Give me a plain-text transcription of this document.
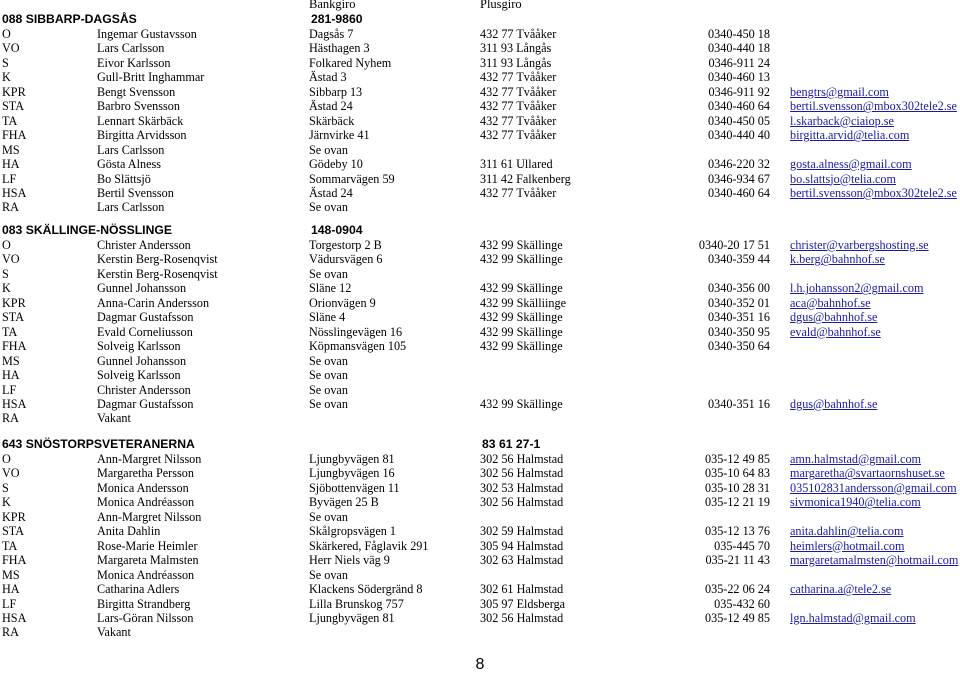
Bankgiro	Plusgiro
088 SIBBARP-DAGSÅS	281-9860
O	Ingemar Gustavsson	Dagsås 7	432 77 Tvååker	0340-450 18
VO	Lars Carlsson	Hästhagen 3	311 93 Långås	0340-440 18
S	Eivor Karlsson	Folkared Nyhem	311 93 Långås	0346-911 24
K	Gull-Britt Inghammar	Ästad 3	432 77 Tvååker	0340-460 13
KPR	Bengt Svensson	Sibbarp 13	432 77 Tvååker	0346-911 92 bengtrs@gmail.com
STA	Barbro Svensson	Ästad 24	432 77 Tvååker	0340-460 64 bertil.svensson@mbox302tele2.se
TA	Lennart Skärbäck	Skärbäck	432 77 Tvååker	0340-450 05 l.skarback@ciaiop.se
FHA	Birgitta Arvidsson	Järnvirke 41	432 77 Tvååker	0340-440 40 birgitta.arvid@telia.com
MS	Lars Carlsson	Se ovan
HA	Gösta Alness	Gödeby 10	311 61 Ullared	0346-220 32 gosta.alness@gmail.com
LF	Bo Slättsjö	Sommarvägen 59	311 42 Falkenberg	0346-934 67 bo.slattsjo@telia.com
HSA	Bertil Svensson	Ästad 24	432 77 Tvååker	0340-460 64 bertil.svensson@mbox302tele2.se
RA	Lars Carlsson	Se ovan
083 SKÄLLINGE-NÖSSLINGE	148-0904
O	Christer Andersson	Torgestorp 2 B	432 99 Skällinge	0340-20 17 51 christer@varbergshosting.se
VO	Kerstin Berg-Rosenqvist	Vädursvägen 6	432 99 Skällinge	0340-359 44 k.berg@bahnhof.se
S	Kerstin Berg-Rosenqvist	Se ovan
K	Gunnel Johansson	Släne 12	432 99 Skällinge	0340-356 00 l.h.johansson2@gmail.com
KPR	Anna-Carin Andersson	Orionvägen 9	432 99 Skälliinge	0340-352 01 aca@bahnhof.se
STA	Dagmar Gustafsson	Släne 4	432 99 Skällinge	0340-351 16 dgus@bahnhof.se
TA	Evald Corneliusson	Nösslingevägen 16	432 99 Skällinge	0340-350 95 evald@bahnhof.se
FHA	Solveig Karlsson	Köpmansvägen 105	432 99 Skällinge	0340-350 64
MS	Gunnel Johansson	Se ovan
HA	Solveig Karlsson	Se ovan
LF	Christer Andersson	Se ovan
HSA	Dagmar Gustafsson	Se ovan	432 99 Skällinge	0340-351 16 dgus@bahnhof.se
RA	Vakant
643 SNÖSTORPSVETERANERNA	83 61 27-1
O	Ann-Margret Nilsson	Ljungbyvägen 81	302 56 Halmstad	035-12 49 85 amn.halmstad@gmail.com
VO	Margaretha Persson	Ljungbyvägen 16	302 56 Halmstad	035-10 64 83 margaretha@svartaornshuset.se
S	Monica Andersson	Sjöbottenvägen 11	302 53 Halmstad	035-10 28 31 035102831andersson@gmail.com
K	Monica Andréasson	Byvägen 25 B	302 56 Halmstad	035-12 21 19 sivmonica1940@telia.com
KPR	Ann-Margret Nilsson	Se ovan
STA	Anita Dahlin	Skålgropsvägen 1	302 59 Halmstad	035-12 13 76 anita.dahlin@telia.com
TA	Rose-Marie Heimler	Skärkered, Fåglavik 291	305 94 Halmstad	035-445 70 heimlers@hotmail.com
FHA	Margareta Malmsten	Herr Niels väg 9	302 63 Halmstad	035-21 11 43 margaretamalmsten@hotmail.com
MS	Monica Andréasson	Se ovan
HA	Catharina Adlers	Klackens Södergränd 8	302 61 Halmstad	035-22 06 24 catharina.a@tele2.se
LF	Birgitta Strandberg	Lilla Brunskog 757	305 97 Eldsberga	035-432 60
HSA	Lars-Göran Nilsson	Ljungbyvägen 81	302 56 Halmstad	035-12 49 85 lgn.halmstad@gmail.com
RA	Vakant
8
